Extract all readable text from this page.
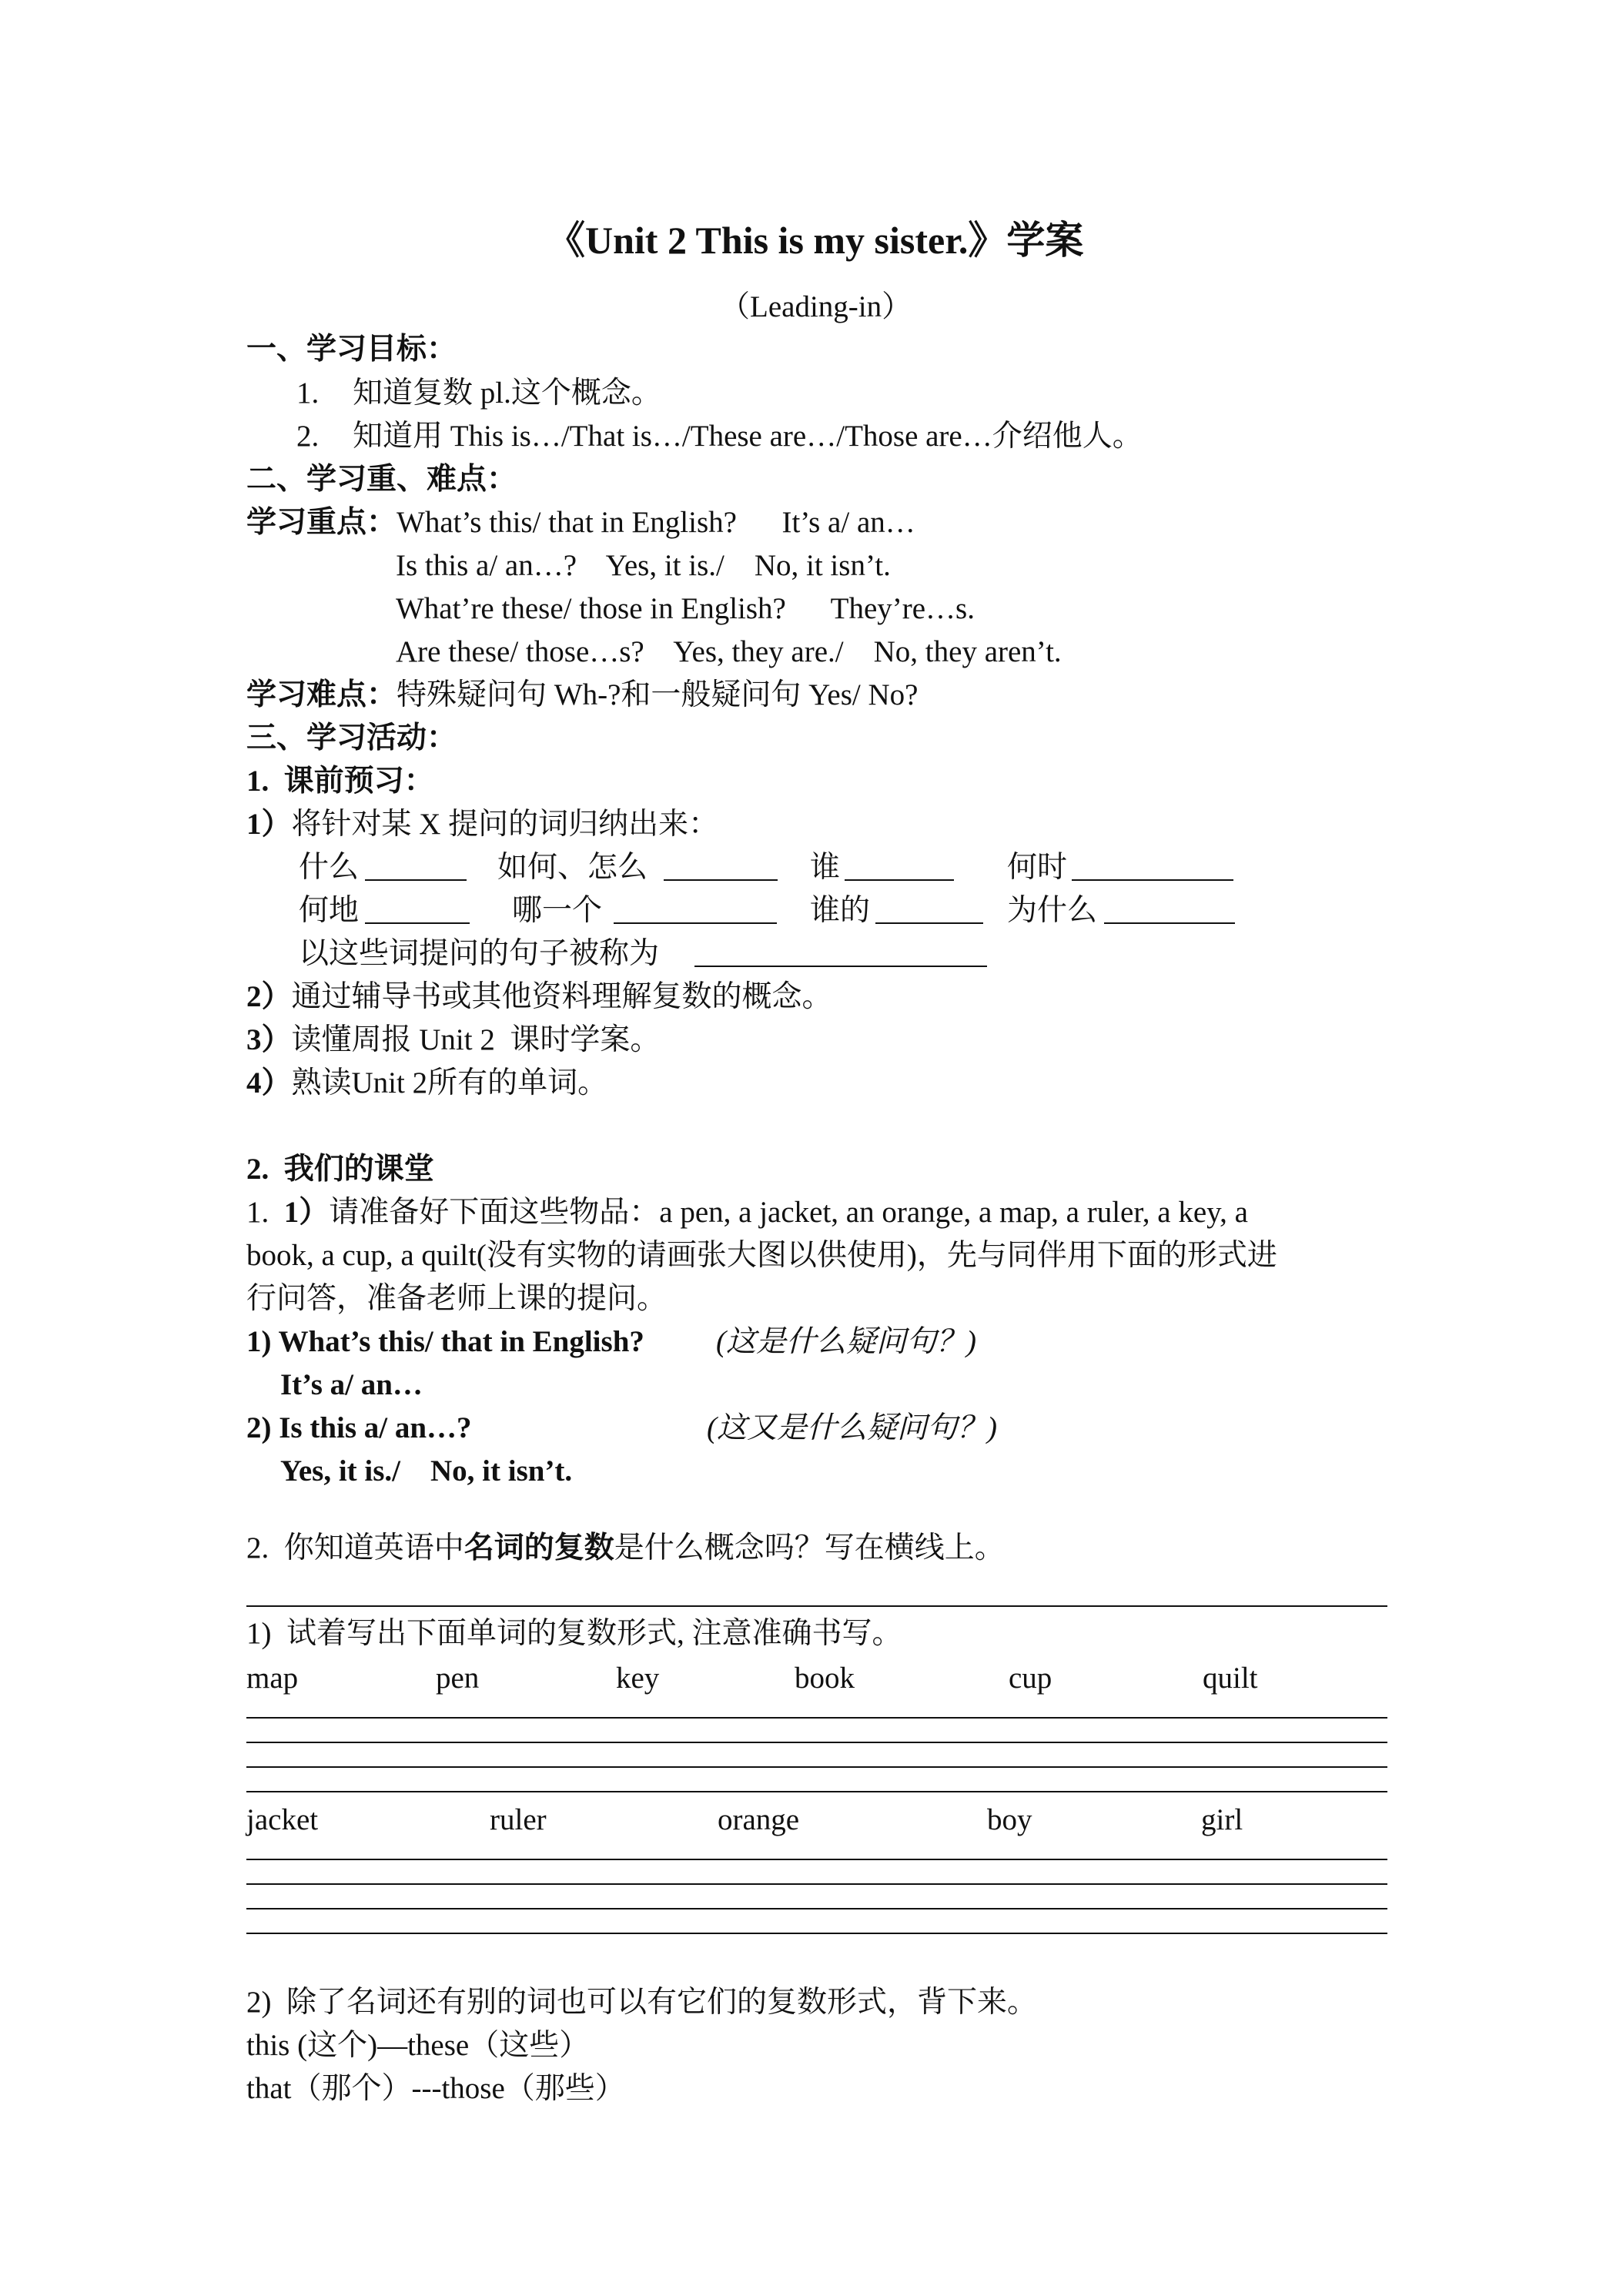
《Unit 2 This is my sister.》学案
（Leading-in）
一、学习目标：
1. 知道复数 pl.这个概念。
2. 知道用 This is…/That is…/These are…/Those are…介绍他人。
二、学习重、难点：
学习重点：What’s this/ that in English?      It’s a/ an…
Is this a/ an…?    Yes, it is./    No, it isn’t.
What’re these/ those in English?      They’re…s.
Are these/ those…s?    Yes, they are./    No, they aren’t.
学习难点：特殊疑问句 Wh-?和一般疑问句 Yes/ No?
三、学习活动：
1.  课前预习：
1）将针对某 X 提问的词归纳出来：
什么	如何、怎么	谁	何时
何地	哪一个	谁的	为什么
以这些词提问的句子被称为
2）通过辅导书或其他资料理解复数的概念。
3）读懂周报 Unit 2  课时学案。
4）熟读Unit 2所有的单词。
2.  我们的课堂
1.  1）请准备好下面这些物品：a pen, a jacket, an orange, a map, a ruler, a key, a
book, a cup, a quilt(没有实物的请画张大图以供使用)，先与同伴用下面的形式进
行问答，准备老师上课的提问。
1) What’s this/ that in English? (这是什么疑问句？)
It’s a/ an…
2) Is this a/ an…?	(这又是什么疑问句？)
Yes, it is./    No, it isn’t.
2.  你知道英语中名词的复数是什么概念吗？写在横线上。
1)  试着写出下面单词的复数形式, 注意准确书写。
map	pen	key	book	cup	quilt
jacket	ruler	orange	boy	girl
2)  除了名词还有别的词也可以有它们的复数形式，背下来。
this (这个)—these（这些）
that（那个）---those（那些）
